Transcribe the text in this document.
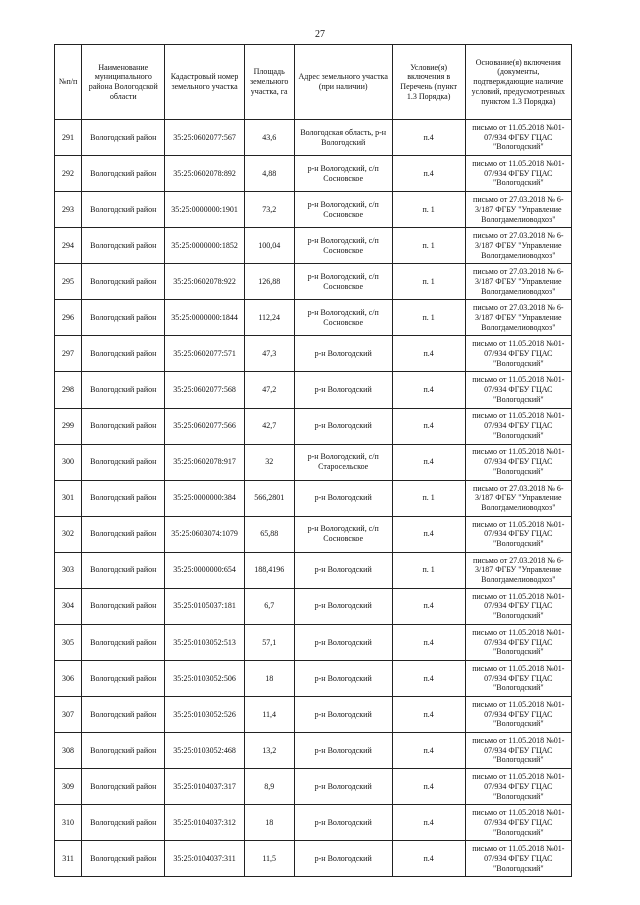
27
№п/п	Наименование муниципального района Вологодской области	Кадастровый номер земельного участка	Площадь земельного участка, га	Адрес земельного участка (при наличии)	Условие(я) включения в Перечень (пункт 1.3 Порядка)	Основание(я) включения (документы, подтверждающие наличие условий, предусмотренных пунктом 1.3 Порядка)
291	Вологодский район	35:25:0602077:567	43,6	Вологодская область, р-н Вологодский	п.4	письмо от 11.05.2018 №01-07/934 ФГБУ ГЦАС "Вологодский"
292	Вологодский район	35:25:0602078:892	4,88	р-н Вологодский, с/п Сосновское	п.4	письмо от 11.05.2018 №01-07/934 ФГБУ ГЦАС "Вологодский"
293	Вологодский район	35:25:0000000:1901	73,2	р-н Вологодский, с/п Сосновское	п. 1	письмо от 27.03.2018 № 6-3/187 ФГБУ "Управление Вологдамелиоводхоз"
294	Вологодский район	35:25:0000000:1852	100,04	р-н Вологодский, с/п Сосновское	п. 1	письмо от 27.03.2018 № 6-3/187 ФГБУ "Управление Вологдамелиоводхоз"
295	Вологодский район	35:25:0602078:922	126,88	р-н Вологодский, с/п Сосновское	п. 1	письмо от 27.03.2018 № 6-3/187 ФГБУ "Управление Вологдамелиоводхоз"
296	Вологодский район	35:25:0000000:1844	112,24	р-н Вологодский, с/п Сосновское	п. 1	письмо от 27.03.2018 № 6-3/187 ФГБУ "Управление Вологдамелиоводхоз"
297	Вологодский район	35:25:0602077:571	47,3	р-н Вологодский	п.4	письмо от 11.05.2018 №01-07/934 ФГБУ ГЦАС "Вологодский"
298	Вологодский район	35:25:0602077:568	47,2	р-н Вологодский	п.4	письмо от 11.05.2018 №01-07/934 ФГБУ ГЦАС "Вологодский"
299	Вологодский район	35:25:0602077:566	42,7	р-н Вологодский	п.4	письмо от 11.05.2018 №01-07/934 ФГБУ ГЦАС "Вологодский"
300	Вологодский район	35:25:0602078:917	32	р-н Вологодский, с/п Старосельское	п.4	письмо от 11.05.2018 №01-07/934 ФГБУ ГЦАС "Вологодский"
301	Вологодский район	35:25:0000000:384	566,2801	р-н Вологодский	п. 1	письмо от 27.03.2018 № 6-3/187 ФГБУ "Управление Вологдамелиоводхоз"
302	Вологодский район	35:25:0603074:1079	65,88	р-н Вологодский, с/п Сосновское	п.4	письмо от 11.05.2018 №01-07/934 ФГБУ ГЦАС "Вологодский"
303	Вологодский район	35:25:0000000:654	188,4196	р-н Вологодский	п. 1	письмо от 27.03.2018 № 6-3/187 ФГБУ "Управление Вологдамелиоводхоз"
304	Вологодский район	35:25:0105037:181	6,7	р-н Вологодский	п.4	письмо от 11.05.2018 №01-07/934 ФГБУ ГЦАС "Вологодский"
305	Вологодский район	35:25:0103052:513	57,1	р-н Вологодский	п.4	письмо от 11.05.2018 №01-07/934 ФГБУ ГЦАС "Вологодский"
306	Вологодский район	35:25:0103052:506	18	р-н Вологодский	п.4	письмо от 11.05.2018 №01-07/934 ФГБУ ГЦАС "Вологодский"
307	Вологодский район	35:25:0103052:526	11,4	р-н Вологодский	п.4	письмо от 11.05.2018 №01-07/934 ФГБУ ГЦАС "Вологодский"
308	Вологодский район	35:25:0103052:468	13,2	р-н Вологодский	п.4	письмо от 11.05.2018 №01-07/934 ФГБУ ГЦАС "Вологодский"
309	Вологодский район	35:25:0104037:317	8,9	р-н Вологодский	п.4	письмо от 11.05.2018 №01-07/934 ФГБУ ГЦАС "Вологодский"
310	Вологодский район	35:25:0104037:312	18	р-н Вологодский	п.4	письмо от 11.05.2018 №01-07/934 ФГБУ ГЦАС "Вологодский"
311	Вологодский район	35:25:0104037:311	11,5	р-н Вологодский	п.4	письмо от 11.05.2018 №01-07/934 ФГБУ ГЦАС "Вологодский"
